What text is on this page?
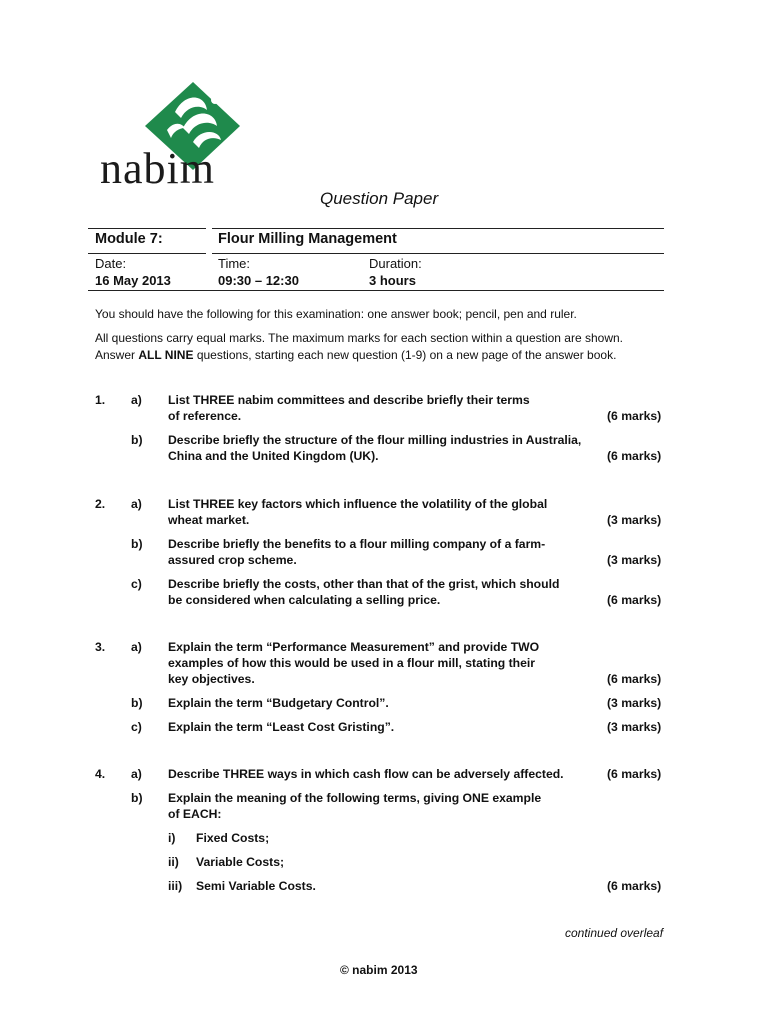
nabim
Question Paper
Module 7:	Flour Milling Management
Date:
16 May 2013
Time:
09:30 – 12:30
Duration:
3 hours
You should have the following for this examination: one answer book; pencil, pen and ruler.
All questions carry equal marks. The maximum marks for each section within a question are shown.
Answer ALL NINE questions, starting each new question (1-9) on a new page of the answer book.
1. a) List THREE nabim committees and describe briefly their terms
of reference.	(6 marks)
b) Describe briefly the structure of the flour milling industries in Australia,
China and the United Kingdom (UK).	(6 marks)
2. a) List THREE key factors which influence the volatility of the global
wheat market.	(3 marks)
b) Describe briefly the benefits to a flour milling company of a farm-
assured crop scheme.	(3 marks)
c) Describe briefly the costs, other than that of the grist, which should
be considered when calculating a selling price.	(6 marks)
3. a) Explain the term “Performance Measurement” and provide TWO
examples of how this would be used in a flour mill, stating their
key objectives.	(6 marks)
b) Explain the term “Budgetary Control”.	(3 marks)
c) Explain the term “Least Cost Gristing”.	(3 marks)
4. a) Describe THREE ways in which cash flow can be adversely affected.	(6 marks)
b) Explain the meaning of the following terms, giving ONE example
of EACH:
i) Fixed Costs;
ii) Variable Costs;
iii) Semi Variable Costs.	(6 marks)
continued overleaf
© nabim 2013
